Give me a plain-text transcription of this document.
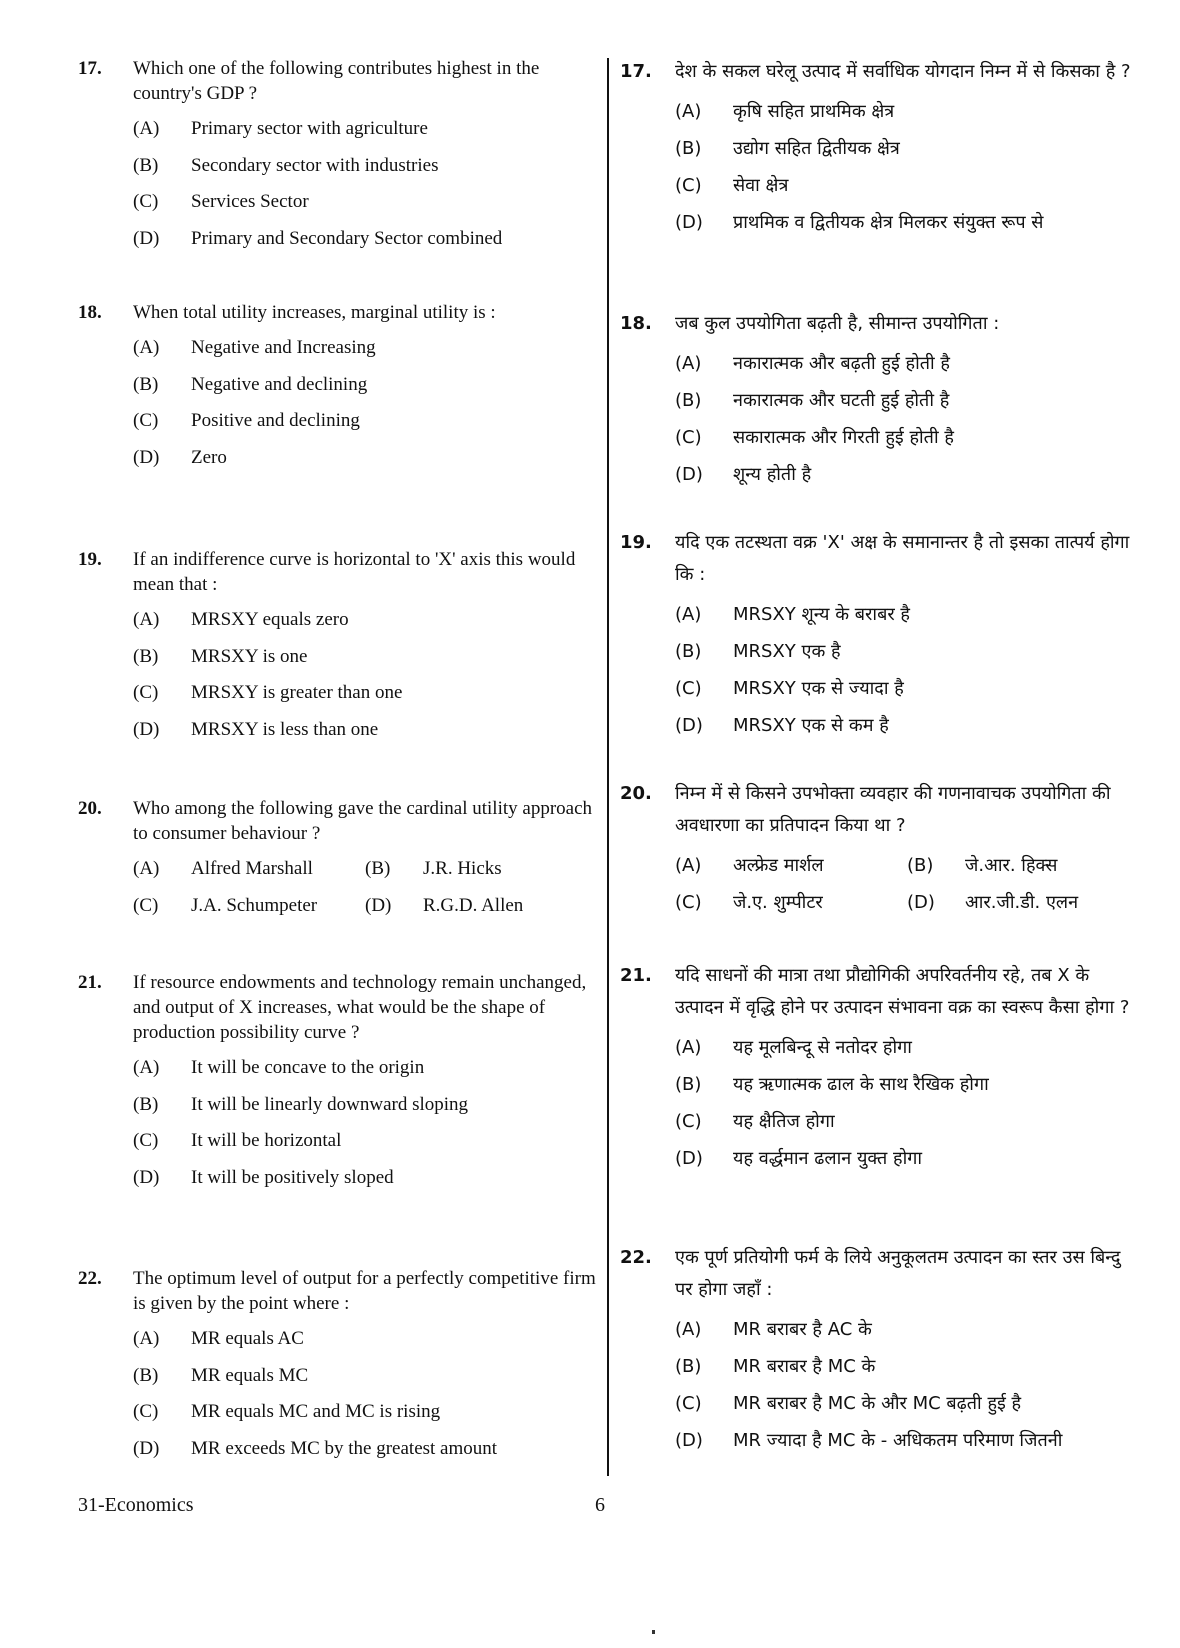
17.	Which one of the following contributes highest in the country's GDP ?
(A)	Primary sector with agriculture
(B)	Secondary sector with industries
(C)	Services Sector
(D)	Primary and Secondary Sector combined
18.	When total utility increases, marginal utility is :
(A)	Negative and Increasing
(B)	Negative and declining
(C)	Positive and declining
(D)	Zero
19.	If an indifference curve is horizontal to 'X' axis this would mean that :
(A)	MRSXY equals zero
(B)	MRSXY is one
(C)	MRSXY is greater than one
(D)	MRSXY is less than one
20.	Who among the following gave the cardinal utility approach to consumer behaviour ?
(A)	Alfred Marshall	(B)	J.R. Hicks
(C)	J.A. Schumpeter	(D)	R.G.D. Allen
21.	If resource endowments and technology remain unchanged, and output of X increases, what would be the shape of production possibility curve ?
(A)	It will be concave to the origin
(B)	It will be linearly downward sloping
(C)	It will be horizontal
(D)	It will be positively sloped
22.	The optimum level of output for a perfectly competitive firm is given by the point where :
(A)	MR equals AC
(B)	MR equals MC
(C)	MR equals MC and MC is rising
(D)	MR exceeds MC by the greatest amount
17.	देश के सकल घरेलू उत्पाद में सर्वाधिक योगदान निम्न में से किसका है ?
(A)	कृषि सहित प्राथमिक क्षेत्र
(B)	उद्योग सहित द्वितीयक क्षेत्र
(C)	सेवा क्षेत्र
(D)	प्राथमिक व द्वितीयक क्षेत्र मिलकर संयुक्त रूप से
18.	जब कुल उपयोगिता बढ़ती है, सीमान्त उपयोगिता :
(A)	नकारात्मक और बढ़ती हुई होती है
(B)	नकारात्मक और घटती हुई होती है
(C)	सकारात्मक और गिरती हुई होती है
(D)	शून्य होती है
19.	यदि एक तटस्थता वक्र 'X' अक्ष के समानान्तर है तो इसका तात्पर्य होगा कि :
(A)	MRSXY शून्य के बराबर है
(B)	MRSXY एक है
(C)	MRSXY एक से ज्यादा है
(D)	MRSXY एक से कम है
20.	निम्न में से किसने उपभोक्ता व्यवहार की गणनावाचक उपयोगिता की अवधारणा का प्रतिपादन किया था ?
(A)	अल्फ्रेड मार्शल	(B)	जे.आर. हिक्स
(C)	जे.ए. शुम्पीटर	(D)	आर.जी.डी. एलन
21.	यदि साधनों की मात्रा तथा प्रौद्योगिकी अपरिवर्तनीय रहे, तब X के उत्पादन में वृद्धि होने पर उत्पादन संभावना वक्र का स्वरूप कैसा होगा ?
(A)	यह मूलबिन्दू से नतोदर होगा
(B)	यह ऋणात्मक ढाल के साथ रैखिक होगा
(C)	यह क्षैतिज होगा
(D)	यह वर्द्धमान ढलान युक्त होगा
22.	एक पूर्ण प्रतियोगी फर्म के लिये अनुकूलतम उत्पादन का स्तर उस बिन्दु पर होगा जहाँ :
(A)	MR बराबर है AC के
(B)	MR बराबर है MC के
(C)	MR बराबर है MC के और MC बढ़ती हुई है
(D)	MR ज्यादा है MC के - अधिकतम परिमाण जितनी
31-Economics	6
